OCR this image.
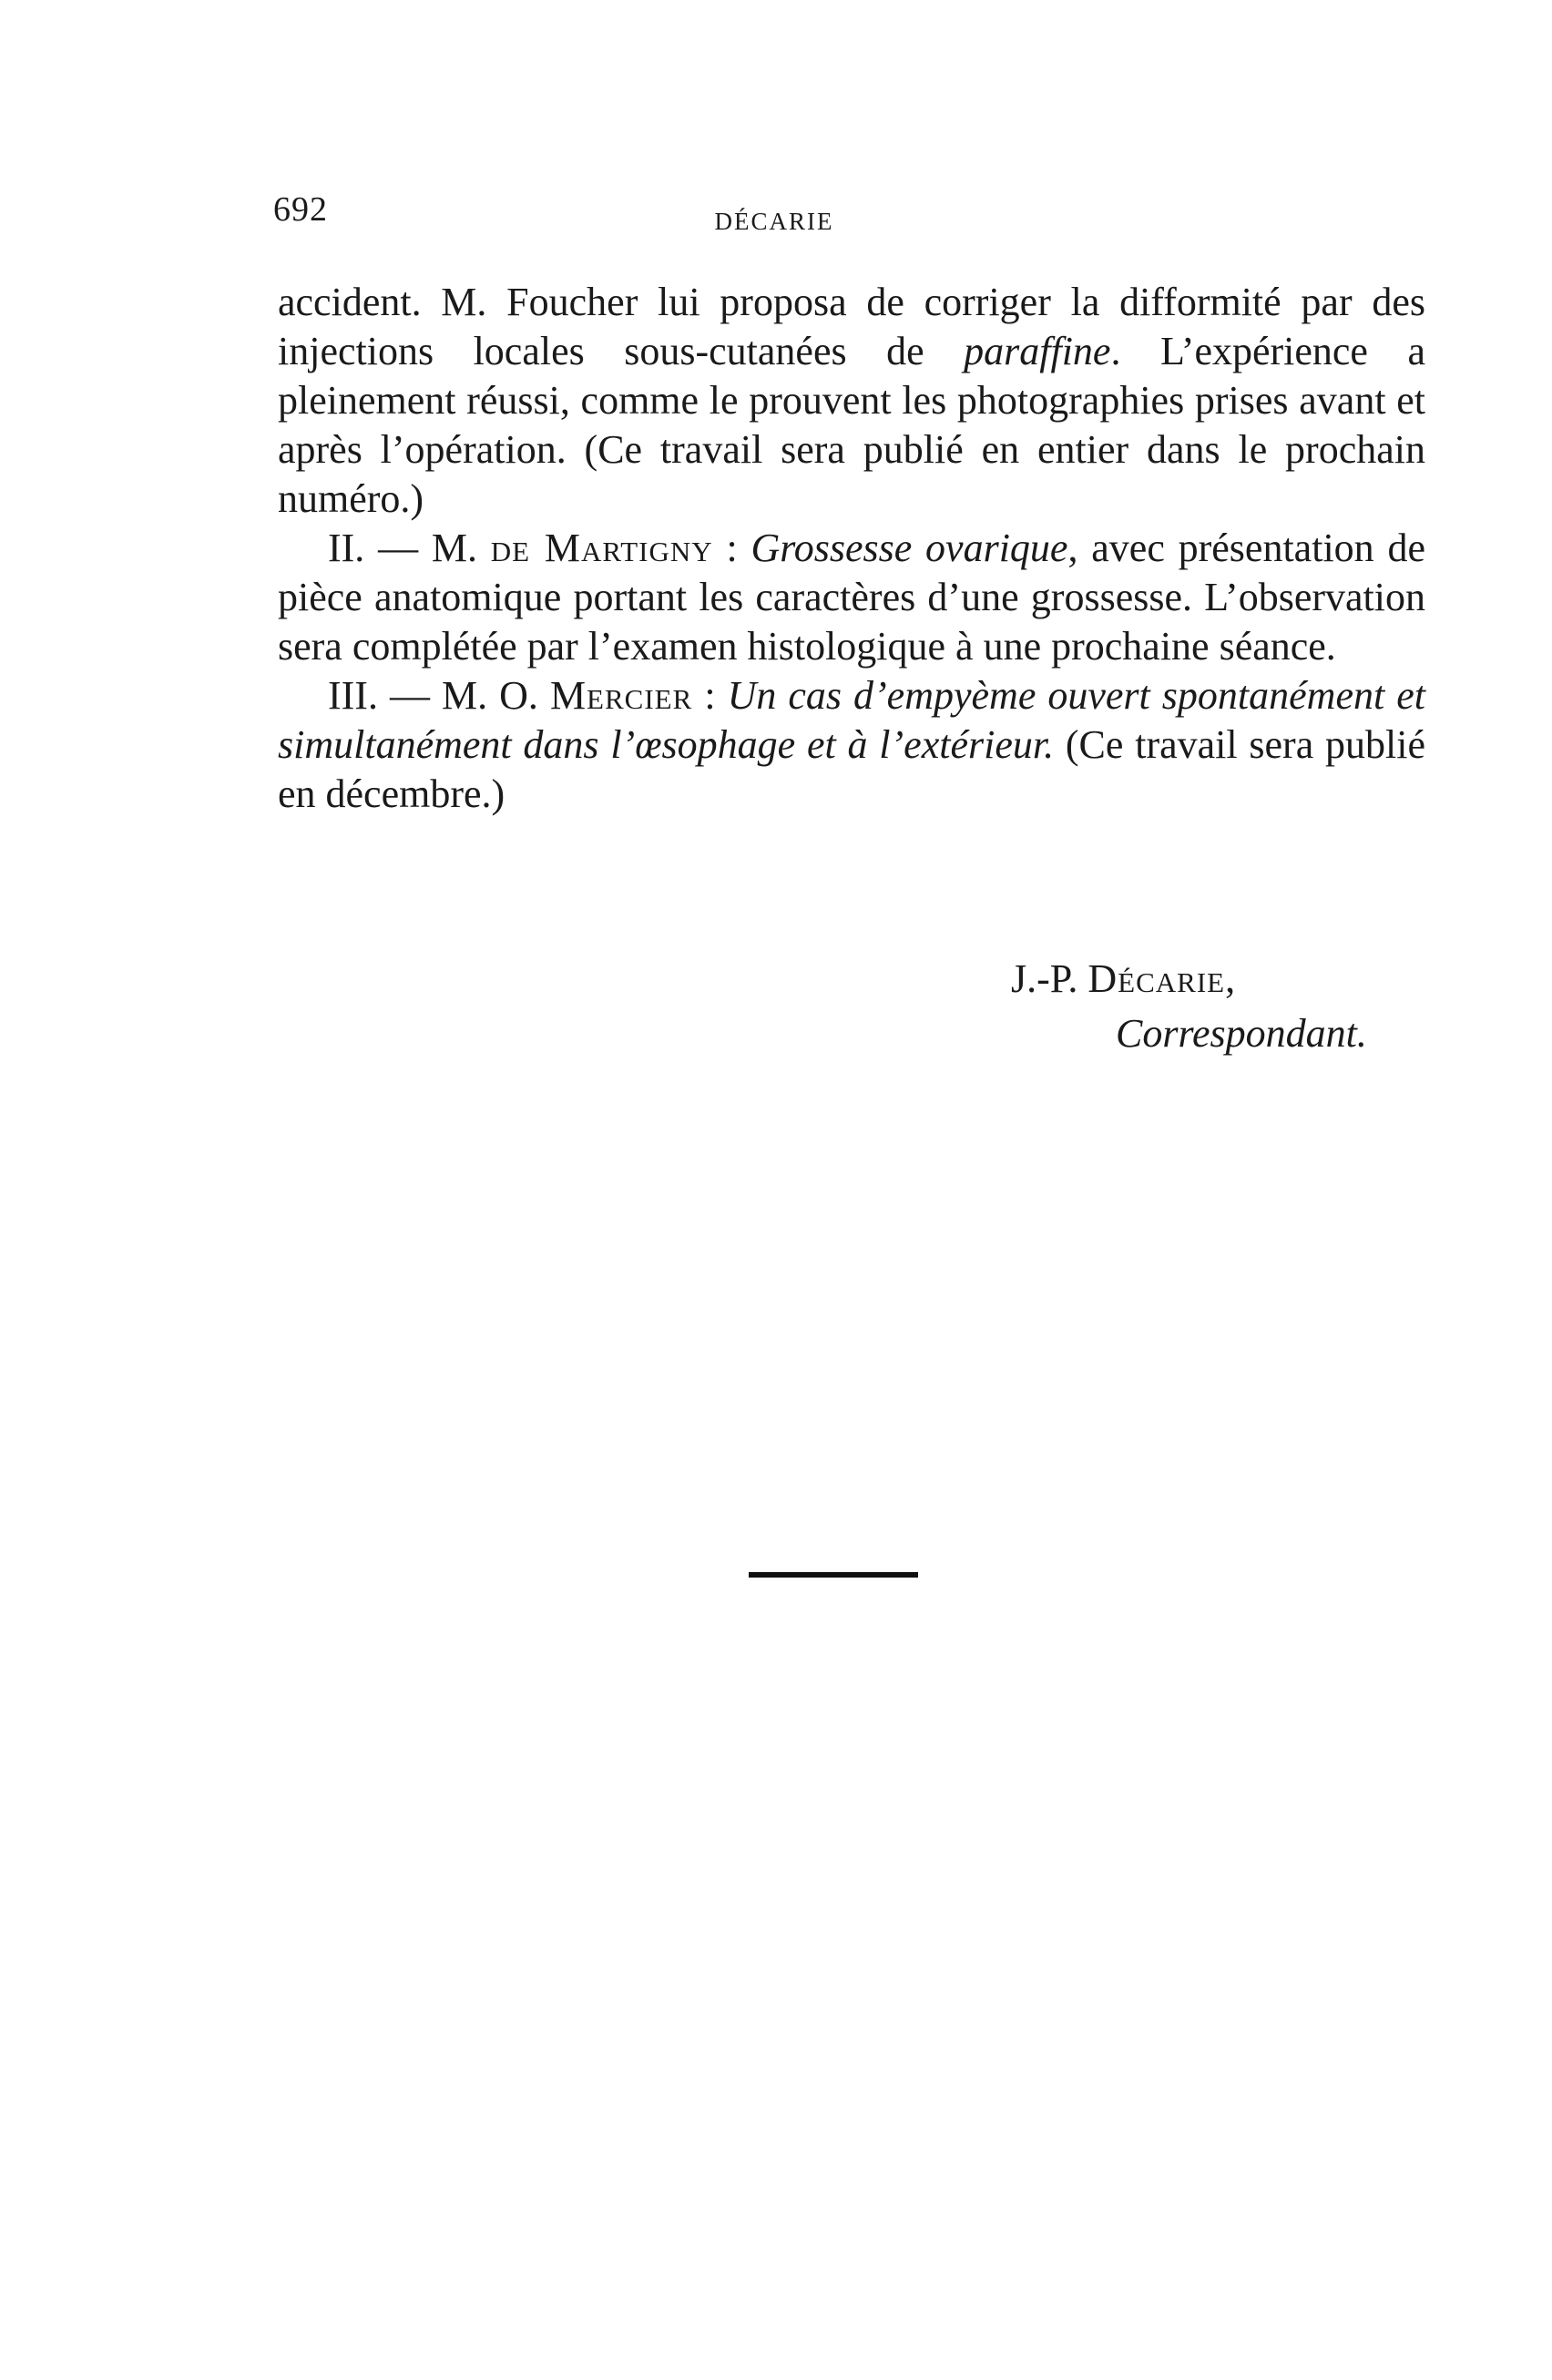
692	DÉCARIE

accident. M. Foucher lui proposa de corriger la difformité par des injections locales sous-cutanées de paraffine. L’expérience a pleinement réussi, comme le prouvent les photographies prises avant et après l’opération. (Ce travail sera publié en entier dans le prochain numéro.)

II. — M. de Martigny : Grossesse ovarique, avec présentation de pièce anatomique portant les caractères d’une grossesse. L’observation sera complétée par l’examen histologique à une prochaine séance.

III. — M. O. Mercier : Un cas d’empyème ouvert spontanément et simultanément dans l’œsophage et à l’extérieur. (Ce travail sera publié en décembre.)

J.-P. Décarie,

Correspondant.
